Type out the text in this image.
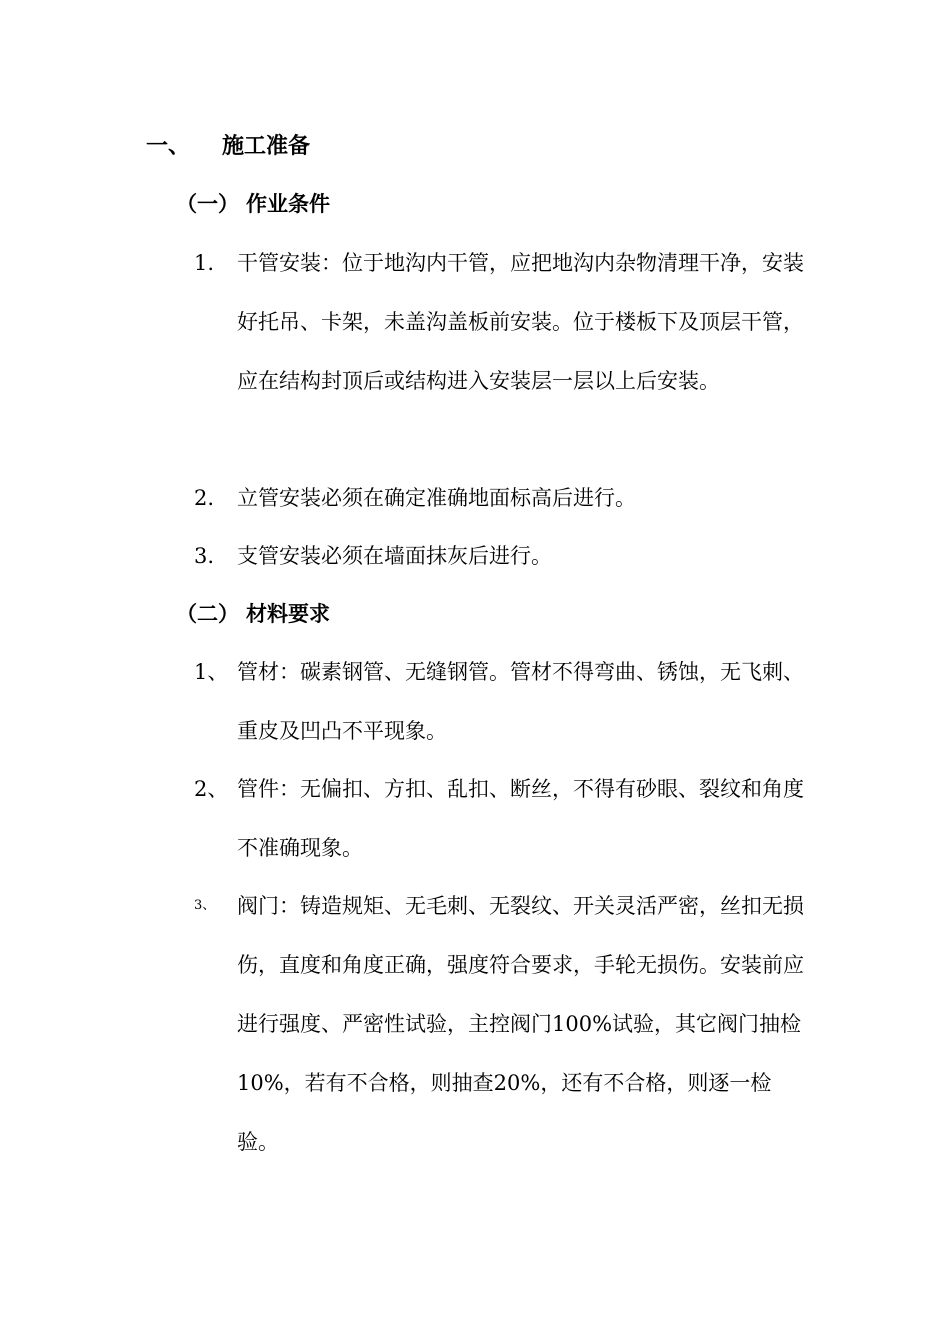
一、 施工准备
（一） 作业条件
1. 干管安装：位于地沟内干管，应把地沟内杂物清理干净，安装好托吊、卡架，未盖沟盖板前安装。位于楼板下及顶层干管，应在结构封顶后或结构进入安装层一层以上后安装。
2. 立管安装必须在确定准确地面标高后进行。
3. 支管安装必须在墙面抹灰后进行。
（二） 材料要求
1、 管材：碳素钢管、无缝钢管。管材不得弯曲、锈蚀，无飞刺、重皮及凹凸不平现象。
2、 管件：无偏扣、方扣、乱扣、断丝，不得有砂眼、裂纹和角度不准确现象。
3、 阀门：铸造规矩、无毛刺、无裂纹、开关灵活严密，丝扣无损伤，直度和角度正确，强度符合要求，手轮无损伤。安装前应进行强度、严密性试验，主控阀门100%试验，其它阀门抽检10%，若有不合格，则抽查20%，还有不合格，则逐一检验。
